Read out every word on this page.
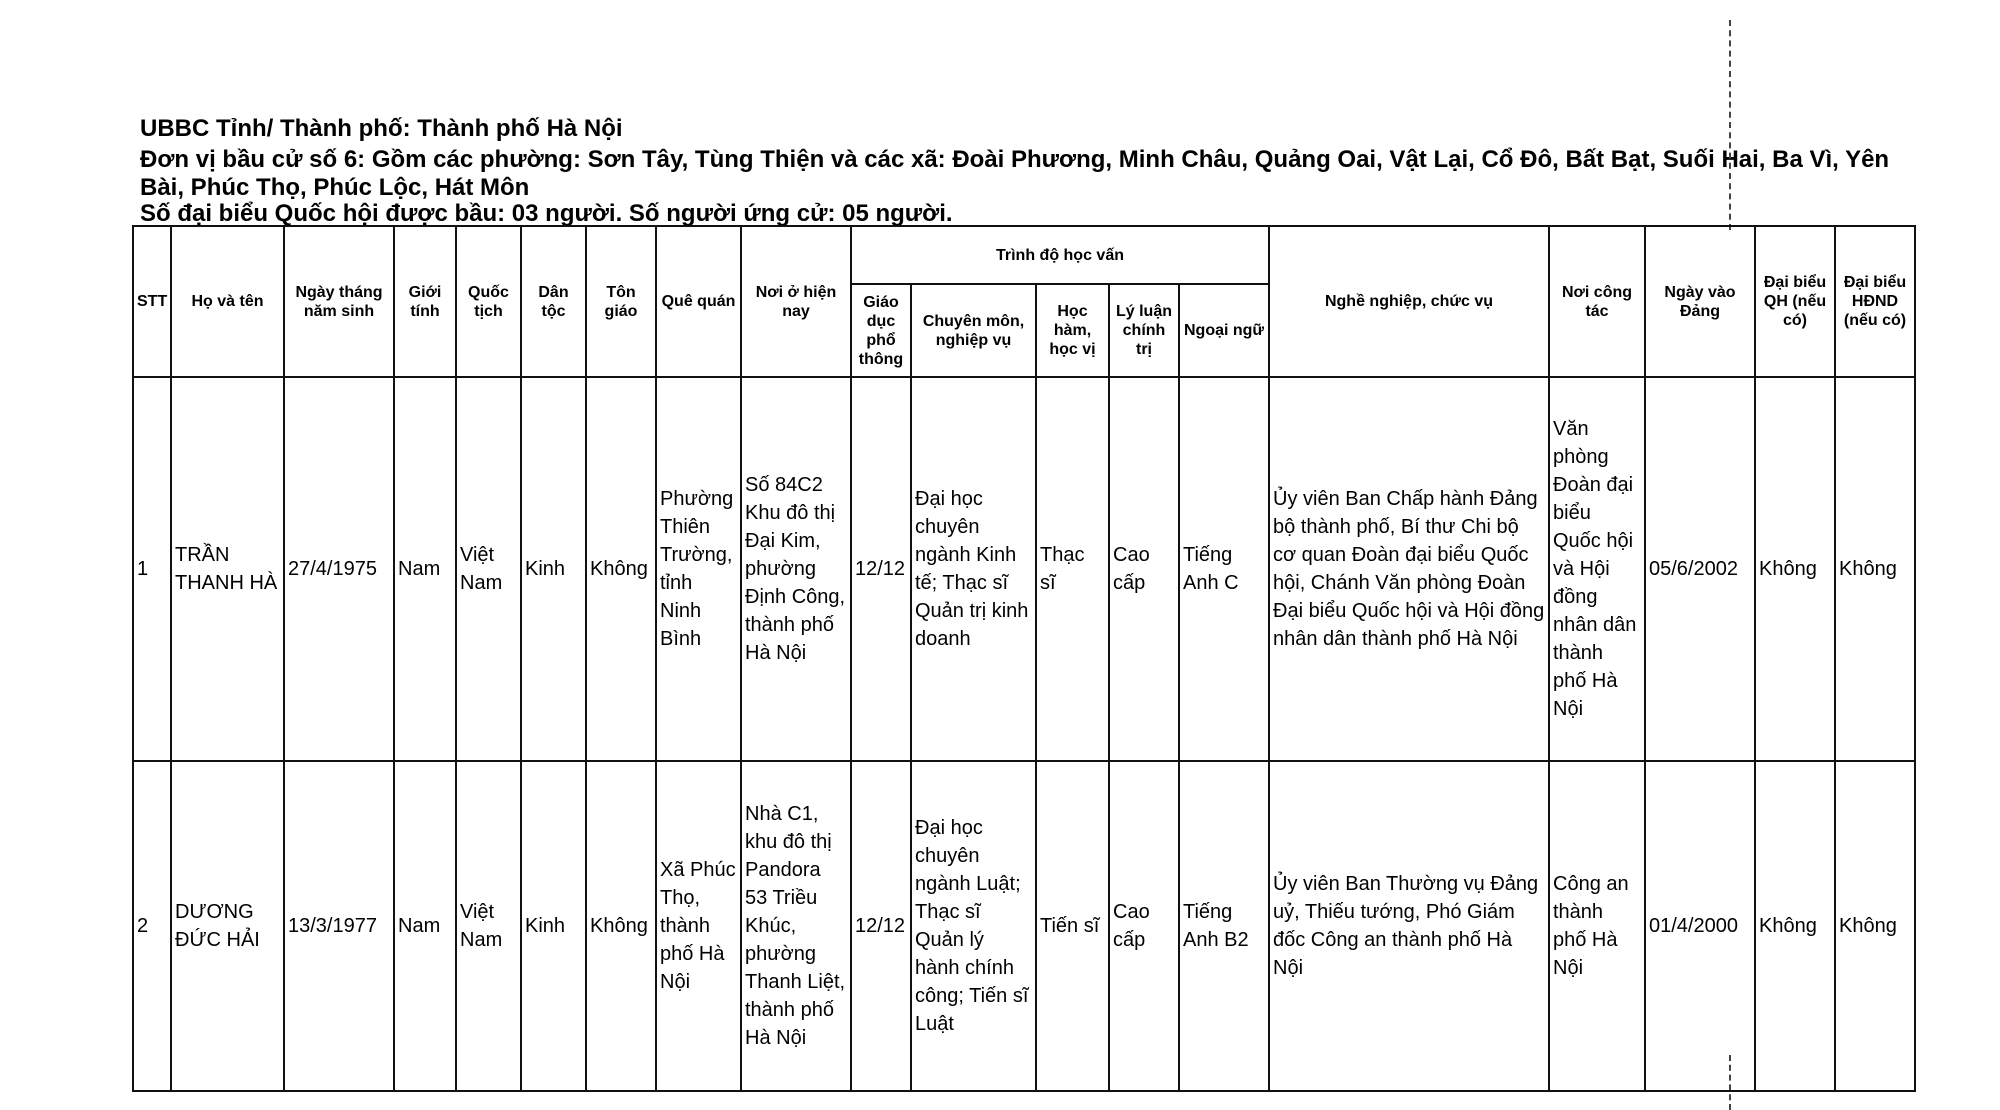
UBBC Tỉnh/ Thành phố: Thành phố Hà Nội
Đơn vị bầu cử số 6: Gồm các phường: Sơn Tây, Tùng Thiện và các xã: Đoài Phương, Minh Châu, Quảng Oai, Vật Lại, Cổ Đô, Bất Bạt, Suối Hai, Ba Vì, Yên Bài, Phúc Thọ, Phúc Lộc, Hát Môn
Số đại biểu Quốc hội được bầu: 03 người. Số người ứng cử: 05 người.
STT	Họ và tên	Ngày tháng năm sinh	Giới tính	Quốc tịch	Dân tộc	Tôn giáo	Quê quán	Nơi ở hiện nay	Trình độ học vấn					Nghề nghiệp, chức vụ	Nơi công tác	Ngày vào Đảng	Đại biểu QH (nếu có)	Đại biểu HĐND (nếu có)
									Giáo dục phổ thông	Chuyên môn, nghiệp vụ	Học hàm, học vị	Lý luận chính trị	Ngoại ngữ					
1	TRẦN THANH HÀ	27/4/1975	Nam	Việt Nam	Kinh	Không	Phường Thiên Trường, tỉnh Ninh Bình	Số 84C2 Khu đô thị Đại Kim, phường Định Công, thành phố Hà Nội	12/12	Đại học chuyên ngành Kinh tế; Thạc sĩ Quản trị kinh doanh	Thạc sĩ	Cao cấp	Tiếng Anh C	Ủy viên Ban Chấp hành Đảng bộ thành phố, Bí thư Chi bộ cơ quan Đoàn đại biểu Quốc hội, Chánh Văn phòng Đoàn Đại biểu Quốc hội và Hội đồng nhân dân thành phố Hà Nội	Văn phòng Đoàn đại biểu Quốc hội và Hội đồng nhân dân thành phố Hà Nội	05/6/2002	Không	Không
2	DƯƠNG ĐỨC HẢI	13/3/1977	Nam	Việt Nam	Kinh	Không	Xã Phúc Thọ, thành phố Hà Nội	Nhà C1, khu đô thị Pandora 53 Triều Khúc, phường Thanh Liệt, thành phố Hà Nội	12/12	Đại học chuyên ngành Luật; Thạc sĩ Quản lý hành chính công; Tiến sĩ Luật	Tiến sĩ	Cao cấp	Tiếng Anh B2	Ủy viên Ban Thường vụ Đảng uỷ, Thiếu tướng, Phó Giám đốc Công an thành phố Hà Nội	Công an thành phố Hà Nội	01/4/2000	Không	Không
